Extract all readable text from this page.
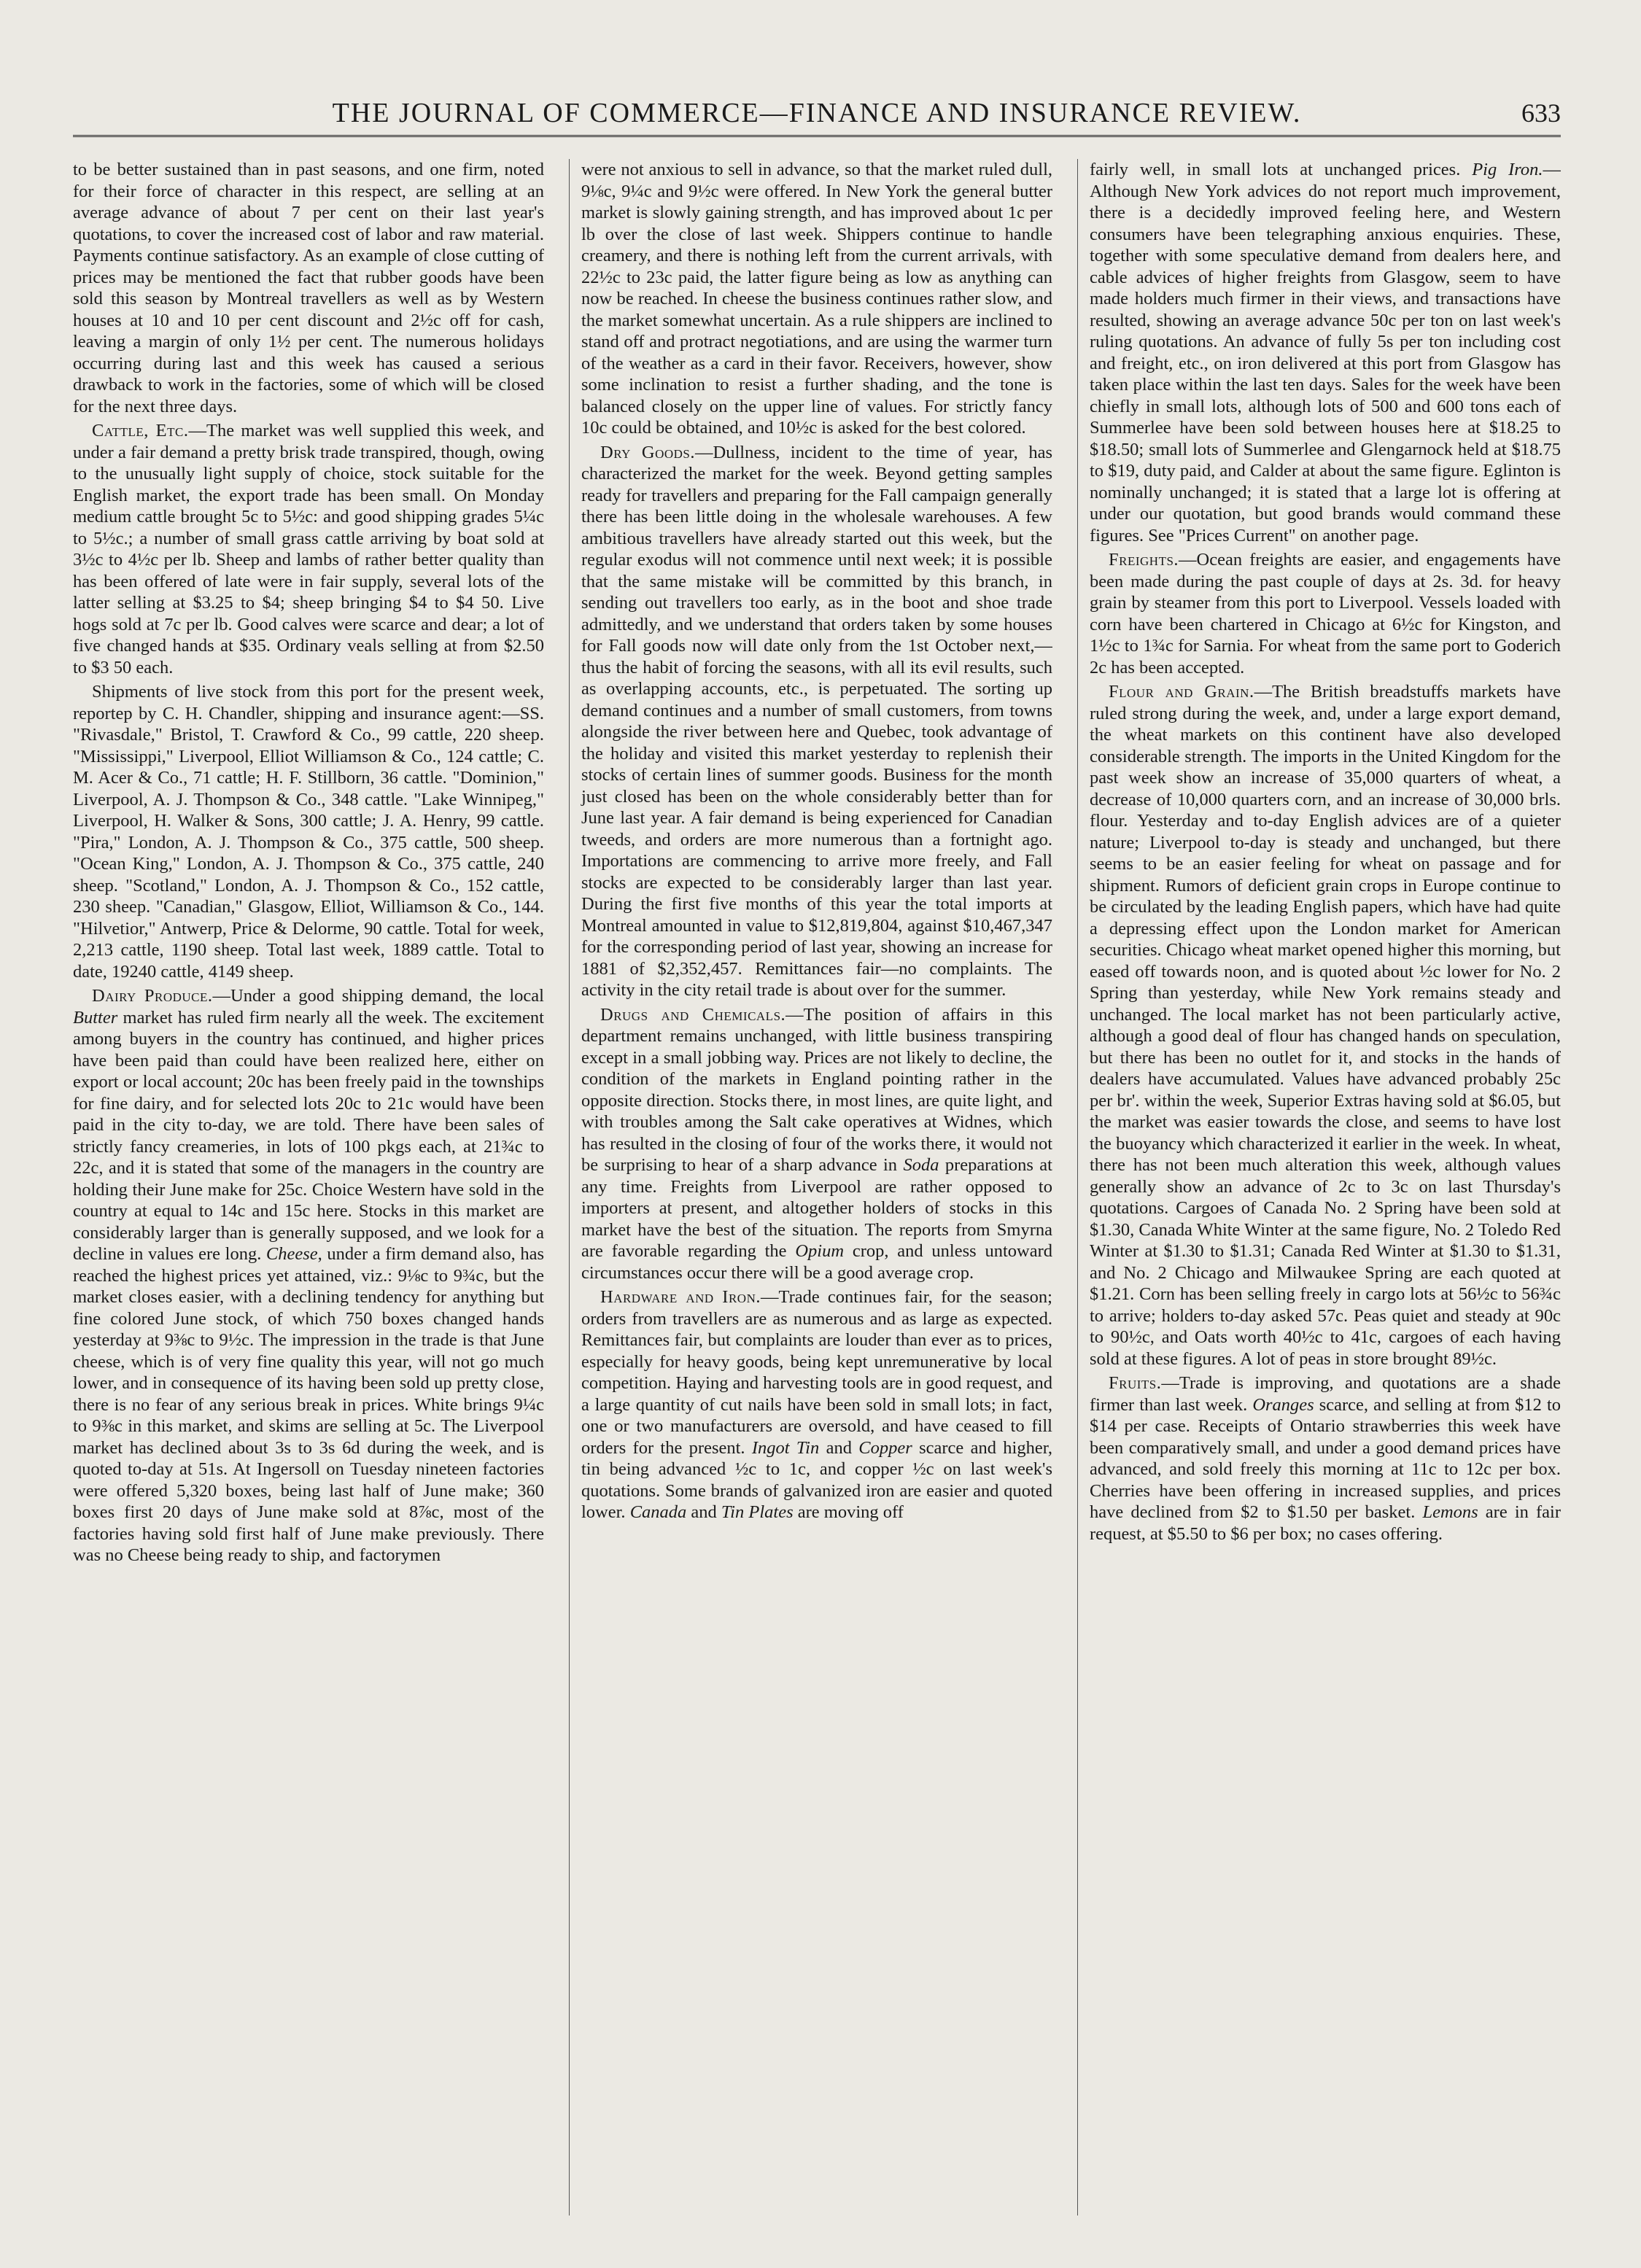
THE JOURNAL OF COMMERCE—FINANCE AND INSURANCE REVIEW.	633

to be better sustained than in past seasons, and one firm, noted for their force of character in this respect, are selling at an average advance of about 7 per cent on their last year's quotations, to cover the increased cost of labor and raw material. Payments continue satisfactory. As an example of close cutting of prices may be mentioned the fact that rubber goods have been sold this season by Montreal travellers as well as by Western houses at 10 and 10 per cent discount and 2½c off for cash, leaving a margin of only 1½ per cent. The numerous holidays occurring during last and this week has caused a serious drawback to work in the factories, some of which will be closed for the next three days.

Cattle, Etc.—The market was well supplied this week, and under a fair demand a pretty brisk trade transpired, though, owing to the unusually light supply of choice, stock suitable for the English market, the export trade has been small. On Monday medium cattle brought 5c to 5½c: and good shipping grades 5¼c to 5½c.; a number of small grass cattle arriving by boat sold at 3½c to 4½c per lb. Sheep and lambs of rather better quality than has been offered of late were in fair supply, several lots of the latter selling at $3.25 to $4; sheep bringing $4 to $4 50. Live hogs sold at 7c per lb. Good calves were scarce and dear; a lot of five changed hands at $35. Ordinary veals selling at from $2.50 to $3 50 each.

Shipments of live stock from this port for the present week, reportep by C. H. Chandler, shipping and insurance agent:—SS. "Rivasdale," Bristol, T. Crawford & Co., 99 cattle, 220 sheep. "Mississippi," Liverpool, Elliot Williamson & Co., 124 cattle; C. M. Acer & Co., 71 cattle; H. F. Stillborn, 36 cattle. "Dominion," Liverpool, A. J. Thompson & Co., 348 cattle. "Lake Winnipeg," Liverpool, H. Walker & Sons, 300 cattle; J. A. Henry, 99 cattle. "Pira," London, A. J. Thompson & Co., 375 cattle, 500 sheep. "Ocean King," London, A. J. Thompson & Co., 375 cattle, 240 sheep. "Scotland," London, A. J. Thompson & Co., 152 cattle, 230 sheep. "Canadian," Glasgow, Elliot, Williamson & Co., 144. "Hilvetior," Antwerp, Price & Delorme, 90 cattle. Total for week, 2,213 cattle, 1190 sheep. Total last week, 1889 cattle. Total to date, 19240 cattle, 4149 sheep.

Dairy Produce.—Under a good shipping demand, the local Butter market has ruled firm nearly all the week. The excitement among buyers in the country has continued, and higher prices have been paid than could have been realized here, either on export or local account; 20c has been freely paid in the townships for fine dairy, and for selected lots 20c to 21c would have been paid in the city to-day, we are told. There have been sales of strictly fancy creameries, in lots of 100 pkgs each, at 21¾c to 22c, and it is stated that some of the managers in the country are holding their June make for 25c. Choice Western have sold in the country at equal to 14c and 15c here. Stocks in this market are considerably larger than is generally supposed, and we look for a decline in values ere long. Cheese, under a firm demand also, has reached the highest prices yet attained, viz.: 9⅛c to 9¾c, but the market closes easier, with a declining tendency for anything but fine colored June stock, of which 750 boxes changed hands yesterday at 9⅜c to 9½c. The impression in the trade is that June cheese, which is of very fine quality this year, will not go much lower, and in consequence of its having been sold up pretty close, there is no fear of any serious break in prices. White brings 9¼c to 9⅜c in this market, and skims are selling at 5c. The Liverpool market has declined about 3s to 3s 6d during the week, and is quoted to-day at 51s. At Ingersoll on Tuesday nineteen factories were offered 5,320 boxes, being last half of June make; 360 boxes first 20 days of June make sold at 8⅞c, most of the factories having sold first half of June make previously. There was no Cheese being ready to ship, and factorymen

were not anxious to sell in advance, so that the market ruled dull, 9⅛c, 9¼c and 9½c were offered. In New York the general butter market is slowly gaining strength, and has improved about 1c per lb over the close of last week. Shippers continue to handle creamery, and there is nothing left from the current arrivals, with 22½c to 23c paid, the latter figure being as low as anything can now be reached. In cheese the business continues rather slow, and the market somewhat uncertain. As a rule shippers are inclined to stand off and protract negotiations, and are using the warmer turn of the weather as a card in their favor. Receivers, however, show some inclination to resist a further shading, and the tone is balanced closely on the upper line of values. For strictly fancy 10c could be obtained, and 10½c is asked for the best colored.

Dry Goods.—Dullness, incident to the time of year, has characterized the market for the week. Beyond getting samples ready for travellers and preparing for the Fall campaign generally there has been little doing in the wholesale warehouses. A few ambitious travellers have already started out this week, but the regular exodus will not commence until next week; it is possible that the same mistake will be committed by this branch, in sending out travellers too early, as in the boot and shoe trade admittedly, and we understand that orders taken by some houses for Fall goods now will date only from the 1st October next,—thus the habit of forcing the seasons, with all its evil results, such as overlapping accounts, etc., is perpetuated. The sorting up demand continues and a number of small customers, from towns alongside the river between here and Quebec, took advantage of the holiday and visited this market yesterday to replenish their stocks of certain lines of summer goods. Business for the month just closed has been on the whole considerably better than for June last year. A fair demand is being experienced for Canadian tweeds, and orders are more numerous than a fortnight ago. Importations are commencing to arrive more freely, and Fall stocks are expected to be considerably larger than last year. During the first five months of this year the total imports at Montreal amounted in value to $12,819,804, against $10,467,347 for the corresponding period of last year, showing an increase for 1881 of $2,352,457. Remittances fair—no complaints. The activity in the city retail trade is about over for the summer.

Drugs and Chemicals.—The position of affairs in this department remains unchanged, with little business transpiring except in a small jobbing way. Prices are not likely to decline, the condition of the markets in England pointing rather in the opposite direction. Stocks there, in most lines, are quite light, and with troubles among the Salt cake operatives at Widnes, which has resulted in the closing of four of the works there, it would not be surprising to hear of a sharp advance in Soda preparations at any time. Freights from Liverpool are rather opposed to importers at present, and altogether holders of stocks in this market have the best of the situation. The reports from Smyrna are favorable regarding the Opium crop, and unless untoward circumstances occur there will be a good average crop.

Hardware and Iron.—Trade continues fair, for the season; orders from travellers are as numerous and as large as expected. Remittances fair, but complaints are louder than ever as to prices, especially for heavy goods, being kept unremunerative by local competition. Haying and harvesting tools are in good request, and a large quantity of cut nails have been sold in small lots; in fact, one or two manufacturers are oversold, and have ceased to fill orders for the present. Ingot Tin and Copper scarce and higher, tin being advanced ½c to 1c, and copper ½c on last week's quotations. Some brands of galvanized iron are easier and quoted lower. Canada and Tin Plates are moving off

fairly well, in small lots at unchanged prices. Pig Iron.—Although New York advices do not report much improvement, there is a decidedly improved feeling here, and Western consumers have been telegraphing anxious enquiries. These, together with some speculative demand from dealers here, and cable advices of higher freights from Glasgow, seem to have made holders much firmer in their views, and transactions have resulted, showing an average advance 50c per ton on last week's ruling quotations. An advance of fully 5s per ton including cost and freight, etc., on iron delivered at this port from Glasgow has taken place within the last ten days. Sales for the week have been chiefly in small lots, although lots of 500 and 600 tons each of Summerlee have been sold between houses here at $18.25 to $18.50; small lots of Summerlee and Glengarnock held at $18.75 to $19, duty paid, and Calder at about the same figure. Eglinton is nominally unchanged; it is stated that a large lot is offering at under our quotation, but good brands would command these figures. See "Prices Current" on another page.

Freights.—Ocean freights are easier, and engagements have been made during the past couple of days at 2s. 3d. for heavy grain by steamer from this port to Liverpool. Vessels loaded with corn have been chartered in Chicago at 6½c for Kingston, and 1½c to 1¾c for Sarnia. For wheat from the same port to Goderich 2c has been accepted.

Flour and Grain.—The British breadstuffs markets have ruled strong during the week, and, under a large export demand, the wheat markets on this continent have also developed considerable strength. The imports in the United Kingdom for the past week show an increase of 35,000 quarters of wheat, a decrease of 10,000 quarters corn, and an increase of 30,000 brls. flour. Yesterday and to-day English advices are of a quieter nature; Liverpool to-day is steady and unchanged, but there seems to be an easier feeling for wheat on passage and for shipment. Rumors of deficient grain crops in Europe continue to be circulated by the leading English papers, which have had quite a depressing effect upon the London market for American securities. Chicago wheat market opened higher this morning, but eased off towards noon, and is quoted about ½c lower for No. 2 Spring than yesterday, while New York remains steady and unchanged. The local market has not been particularly active, although a good deal of flour has changed hands on speculation, but there has been no outlet for it, and stocks in the hands of dealers have accumulated. Values have advanced probably 25c per br'. within the week, Superior Extras having sold at $6.05, but the market was easier towards the close, and seems to have lost the buoyancy which characterized it earlier in the week. In wheat, there has not been much alteration this week, although values generally show an advance of 2c to 3c on last Thursday's quotations. Cargoes of Canada No. 2 Spring have been sold at $1.30, Canada White Winter at the same figure, No. 2 Toledo Red Winter at $1.30 to $1.31; Canada Red Winter at $1.30 to $1.31, and No. 2 Chicago and Milwaukee Spring are each quoted at $1.21. Corn has been selling freely in cargo lots at 56½c to 56¾c to arrive; holders to-day asked 57c. Peas quiet and steady at 90c to 90½c, and Oats worth 40½c to 41c, cargoes of each having sold at these figures. A lot of peas in store brought 89½c.

Fruits.—Trade is improving, and quotations are a shade firmer than last week. Oranges scarce, and selling at from $12 to $14 per case. Receipts of Ontario strawberries this week have been comparatively small, and under a good demand prices have advanced, and sold freely this morning at 11c to 12c per box. Cherries have been offering in increased supplies, and prices have declined from $2 to $1.50 per basket. Lemons are in fair request, at $5.50 to $6 per box; no cases offering.
